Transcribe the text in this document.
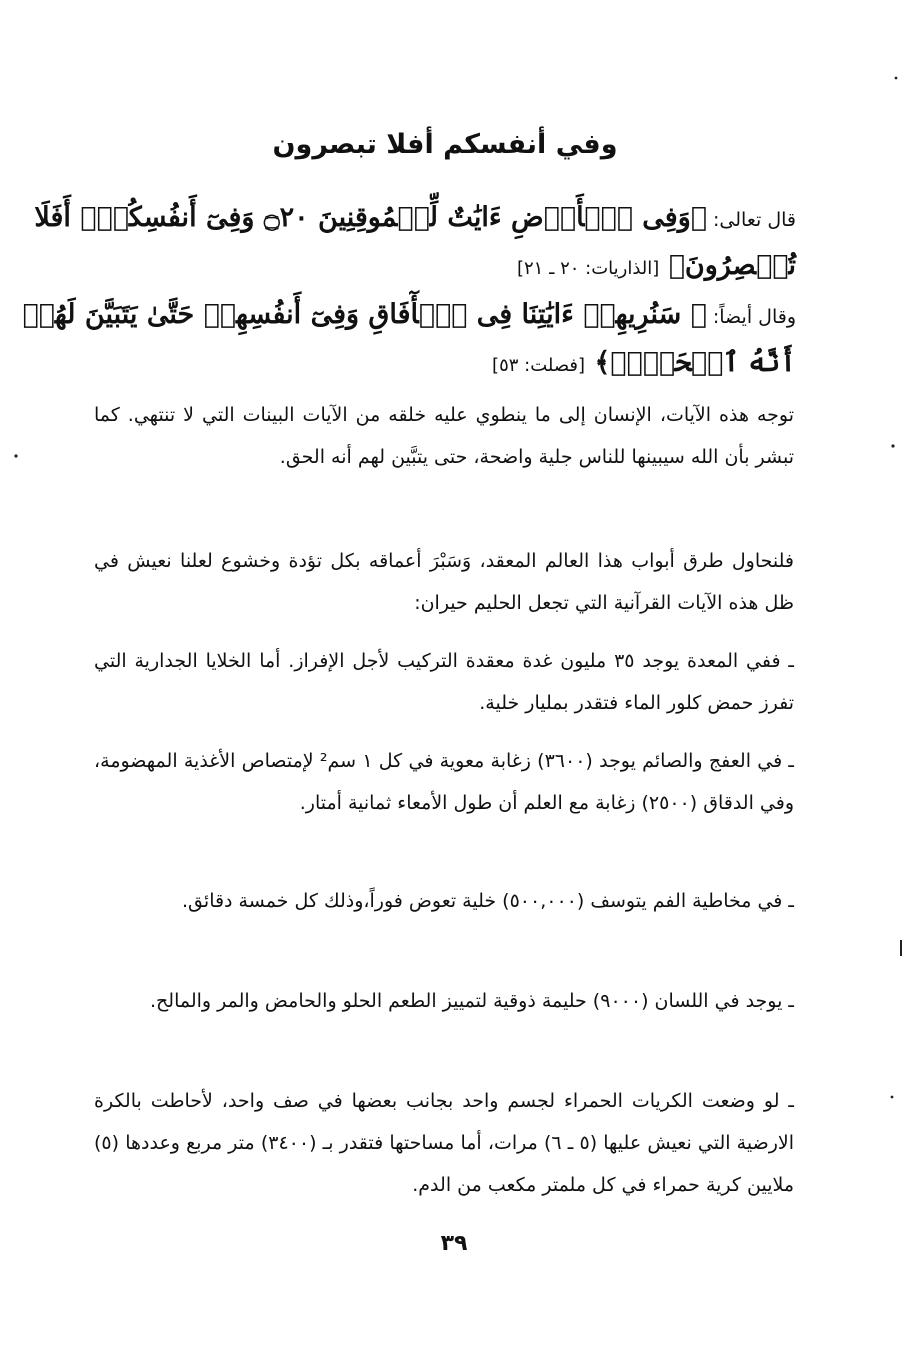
وفي أنفسكم أفلا تبصرون
قال تعالى: ﴿وَفِى ٱلۡأَرۡضِ ءَايَٰتٌ لِّلۡمُوقِنِينَ ۝٢٠ وَفِىٓ أَنفُسِكُمۡۚ أَفَلَا
تُبۡصِرُونَ﴾ [الذاريات: ٢٠ ـ ٢١]
وقال أيضاً: ﴿ سَنُرِيهِمۡ ءَايَٰتِنَا فِى ٱلۡأٓفَاقِ وَفِىٓ أَنفُسِهِمۡ حَتَّىٰ يَتَبَيَّنَ لَهُمۡ
أَنَّهُ ٱلۡحَقُّۗ﴾ [فصلت: ٥٣]
توجه هذه الآيات، الإنسان إلى ما ينطوي عليه خلقه من الآيات البينات التي لا تنتهي. كما تبشر بأن الله سيبينها للناس جلية واضحة، حتى يتبَّين لهم أنه الحق.
فلنحاول طرق أبواب هذا العالم المعقد، وَسَبْرَ أعماقه بكل تؤدة وخشوع لعلنا نعيش في ظل هذه الآيات القرآنية التي تجعل الحليم حيران:
ـ ففي المعدة يوجد ٣٥ مليون غدة معقدة التركيب لأجل الإفراز. أما الخلايا الجدارية التي تفرز حمض كلور الماء فتقدر بمليار خلية.
ـ في العفج والصائم يوجد (٣٦٠٠) زغابة معوية في كل ١ سم² لإمتصاص الأغذية المهضومة، وفي الدقاق (٢٥٠٠) زغابة مع العلم أن طول الأمعاء ثمانية أمتار.
ـ في مخاطية الفم يتوسف (٥٠٠,٠٠٠) خلية تعوض فوراً،وذلك كل خمسة دقائق.
ـ يوجد في اللسان (٩٠٠٠) حليمة ذوقية لتمييز الطعم الحلو والحامض والمر والمالح.
ـ لو وضعت الكريات الحمراء لجسم واحد بجانب بعضها في صف واحد، لأحاطت بالكرة الارضية التي نعيش عليها (٥ ـ ٦) مرات، أما مساحتها فتقدر بـ (٣٤٠٠) متر مربع وعددها (٥) ملايين كرية حمراء في كل ملمتر مكعب من الدم.
٣٩
